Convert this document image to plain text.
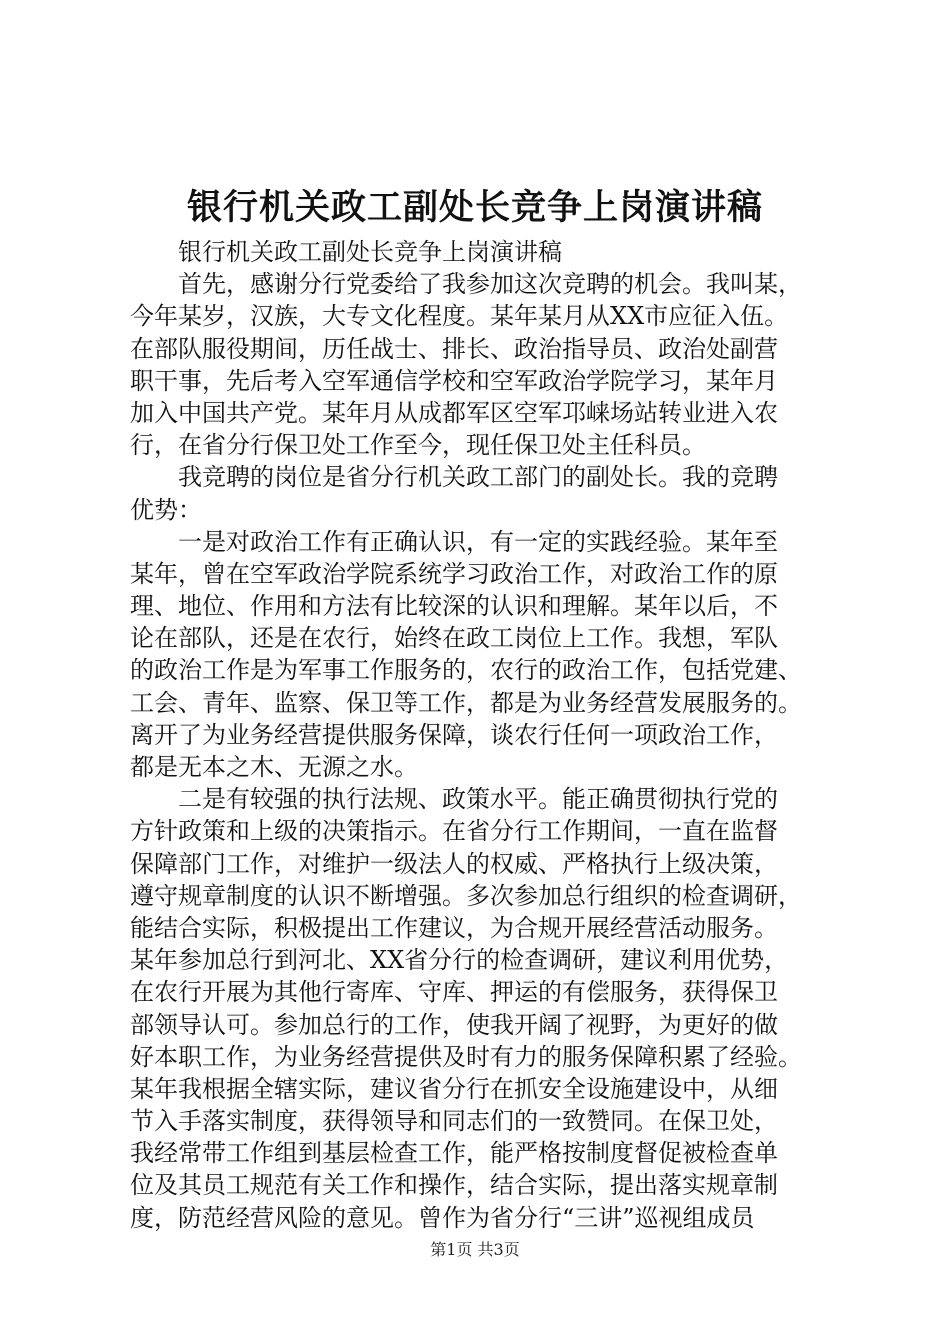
银行机关政工副处长竞争上岗演讲稿
银行机关政工副处长竞争上岗演讲稿
首先，感谢分行党委给了我参加这次竞聘的机会。我叫某，
今年某岁，汉族，大专文化程度。某年某月从XX市应征入伍。
在部队服役期间，历任战士、排长、政治指导员、政治处副营
职干事，先后考入空军通信学校和空军政治学院学习，某年月
加入中国共产党。某年月从成都军区空军邛崃场站转业进入农
行，在省分行保卫处工作至今，现任保卫处主任科员。
我竞聘的岗位是省分行机关政工部门的副处长。我的竞聘
优势：
一是对政治工作有正确认识，有一定的实践经验。某年至
某年，曾在空军政治学院系统学习政治工作，对政治工作的原
理、地位、作用和方法有比较深的认识和理解。某年以后，不
论在部队，还是在农行，始终在政工岗位上工作。我想，军队
的政治工作是为军事工作服务的，农行的政治工作，包括党建、
工会、青年、监察、保卫等工作，都是为业务经营发展服务的。
离开了为业务经营提供服务保障，谈农行任何一项政治工作，
都是无本之木、无源之水。
二是有较强的执行法规、政策水平。能正确贯彻执行党的
方针政策和上级的决策指示。在省分行工作期间，一直在监督
保障部门工作，对维护一级法人的权威、严格执行上级决策，
遵守规章制度的认识不断增强。多次参加总行组织的检查调研，
能结合实际，积极提出工作建议，为合规开展经营活动服务。
某年参加总行到河北、XX省分行的检查调研，建议利用优势，
在农行开展为其他行寄库、守库、押运的有偿服务，获得保卫
部领导认可。参加总行的工作，使我开阔了视野，为更好的做
好本职工作，为业务经营提供及时有力的服务保障积累了经验。
某年我根据全辖实际，建议省分行在抓安全设施建设中，从细
节入手落实制度，获得领导和同志们的一致赞同。在保卫处，
我经常带工作组到基层检查工作，能严格按制度督促被检查单
位及其员工规范有关工作和操作，结合实际，提出落实规章制
度，防范经营风险的意见。曾作为省分行“三讲”巡视组成员
第1页 共3页
